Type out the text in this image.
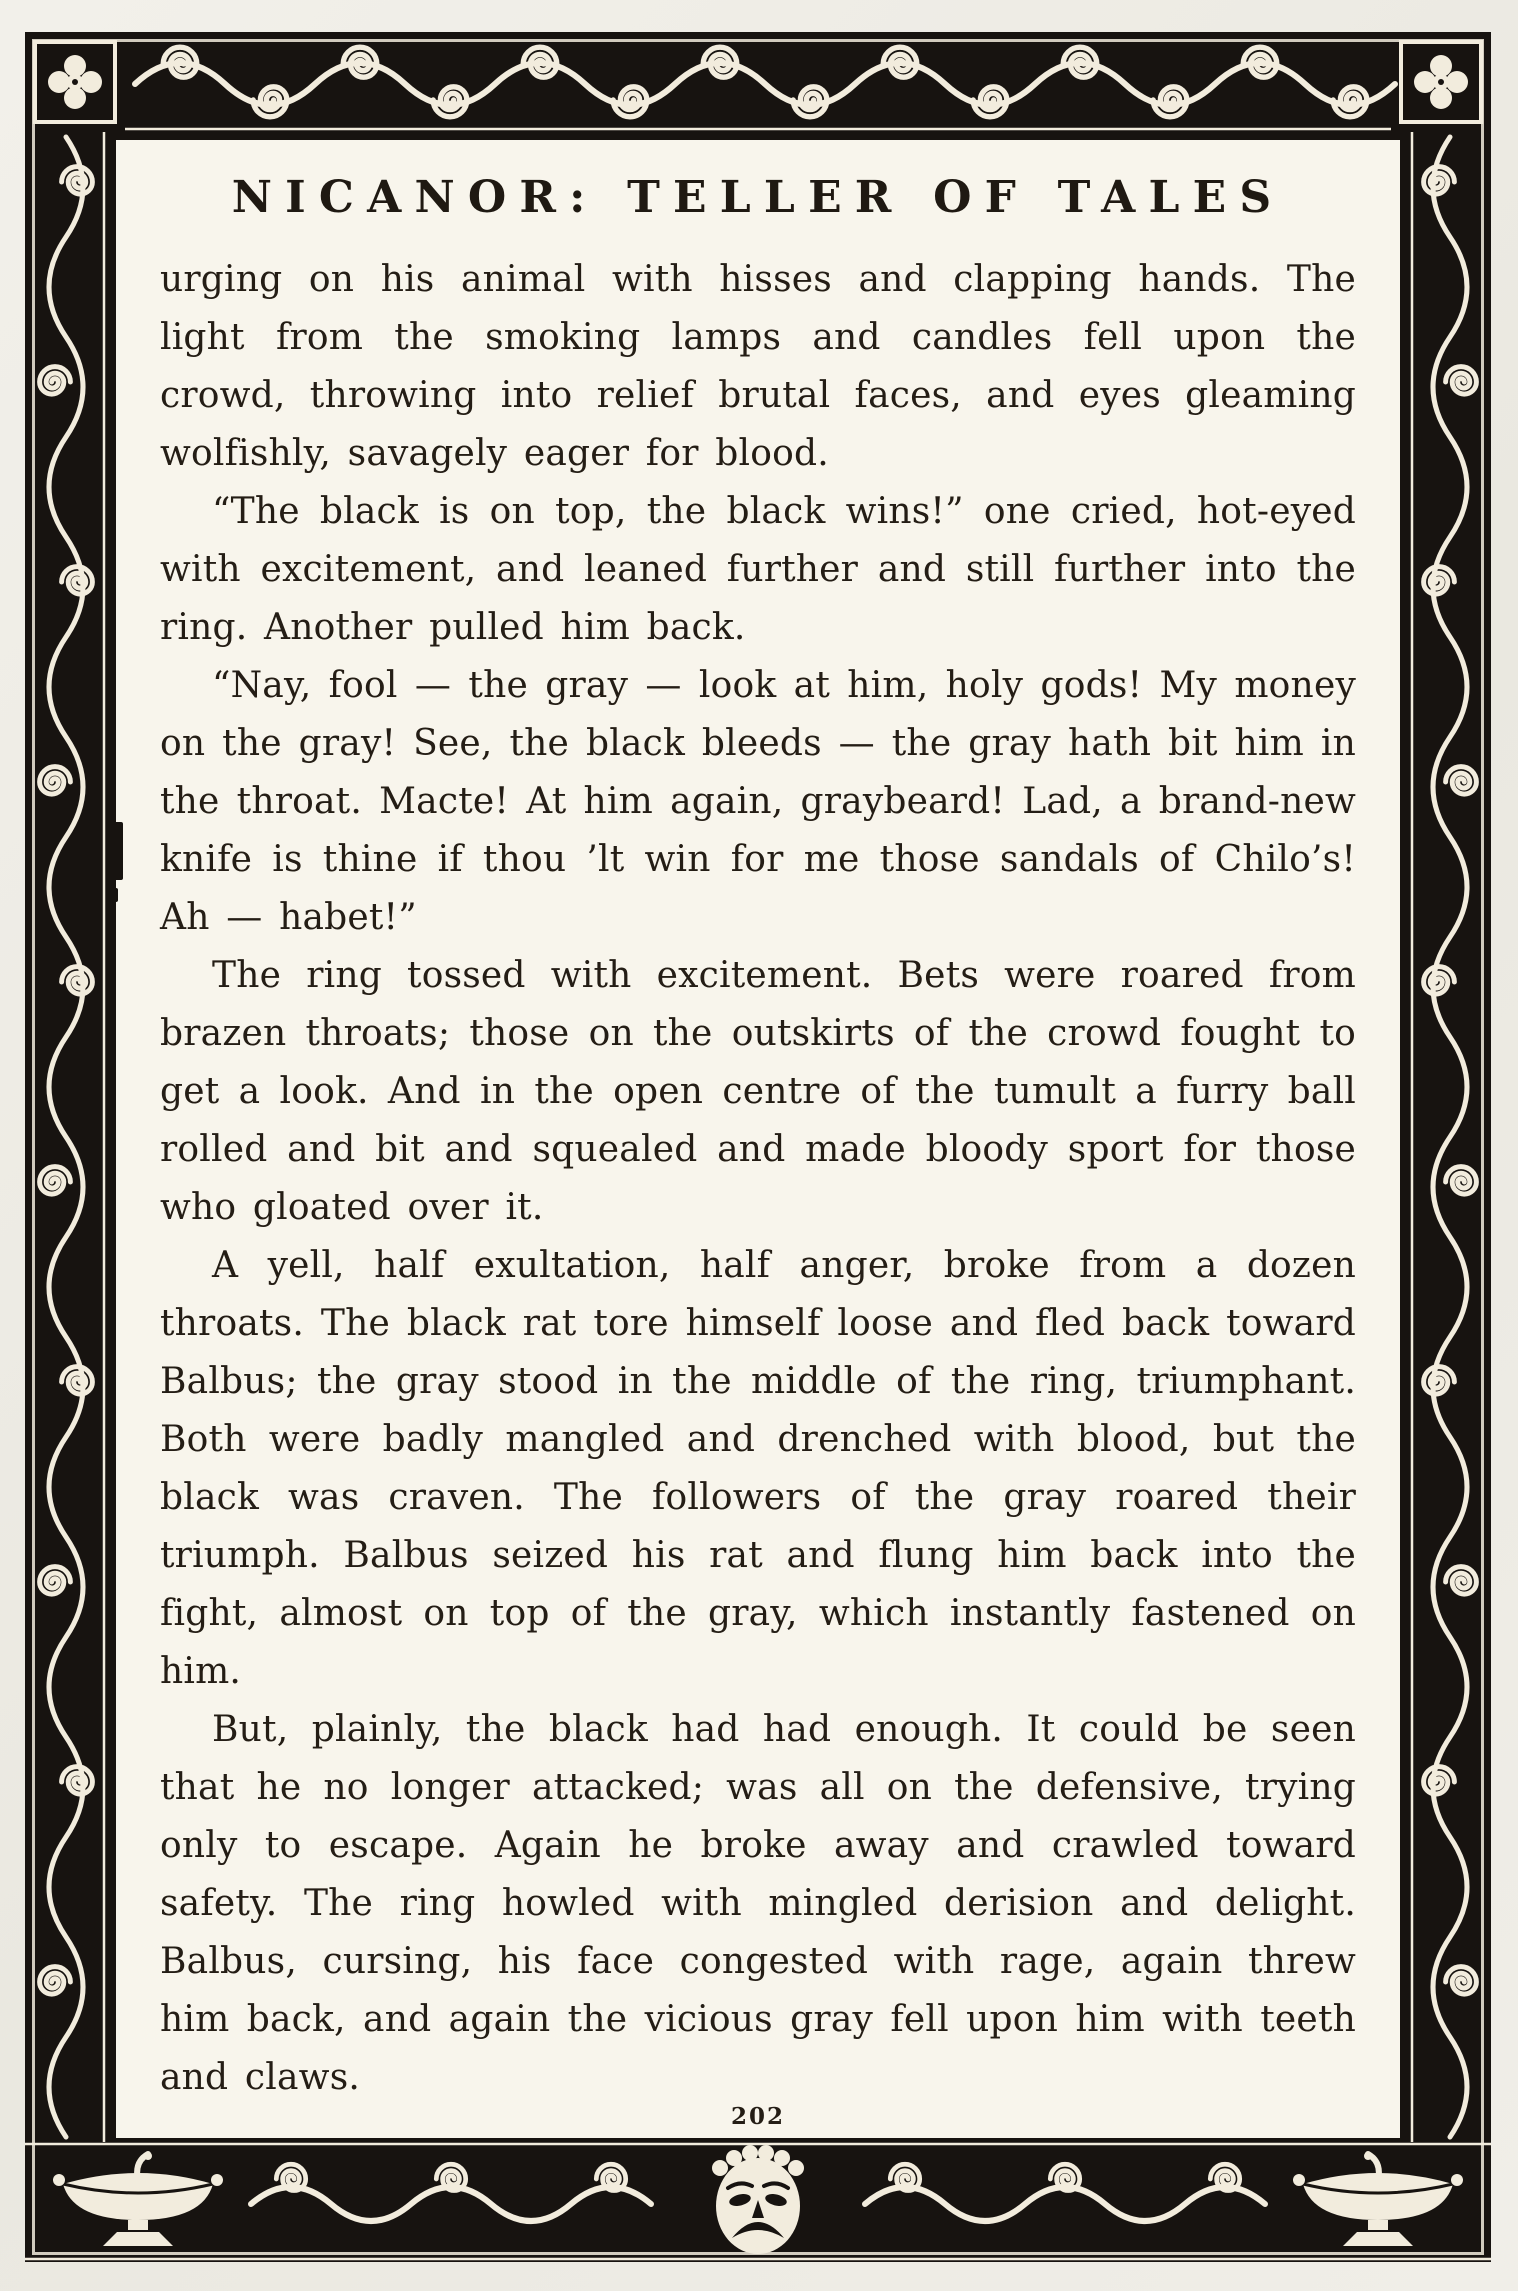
NICANOR: TELLER OF TALES

urging on his animal with hisses and clapping hands. The light from the smoking lamps and candles fell upon the crowd, throwing into relief brutal faces, and eyes gleaming wolfishly, savagely eager for blood.

“The black is on top, the black wins!” one cried, hot-eyed with excitement, and leaned further and still further into the ring. Another pulled him back.

“Nay, fool — the gray — look at him, holy gods! My money on the gray! See, the black bleeds — the gray hath bit him in the throat. Macte! At him again, graybeard! Lad, a brand-new knife is thine if thou ’lt win for me those sandals of Chilo’s! Ah — habet!”

The ring tossed with excitement. Bets were roared from brazen throats; those on the outskirts of the crowd fought to get a look. And in the open centre of the tumult a furry ball rolled and bit and squealed and made bloody sport for those who gloated over it.

A yell, half exultation, half anger, broke from a dozen throats. The black rat tore himself loose and fled back toward Balbus; the gray stood in the middle of the ring, triumphant. Both were badly mangled and drenched with blood, but the black was craven. The followers of the gray roared their triumph. Balbus seized his rat and flung him back into the fight, almost on top of the gray, which instantly fastened on him.

But, plainly, the black had had enough. It could be seen that he no longer attacked; was all on the defensive, trying only to escape. Again he broke away and crawled toward safety. The ring howled with mingled derision and delight. Balbus, cursing, his face congested with rage, again threw him back, and again the vicious gray fell upon him with teeth and claws.

202
